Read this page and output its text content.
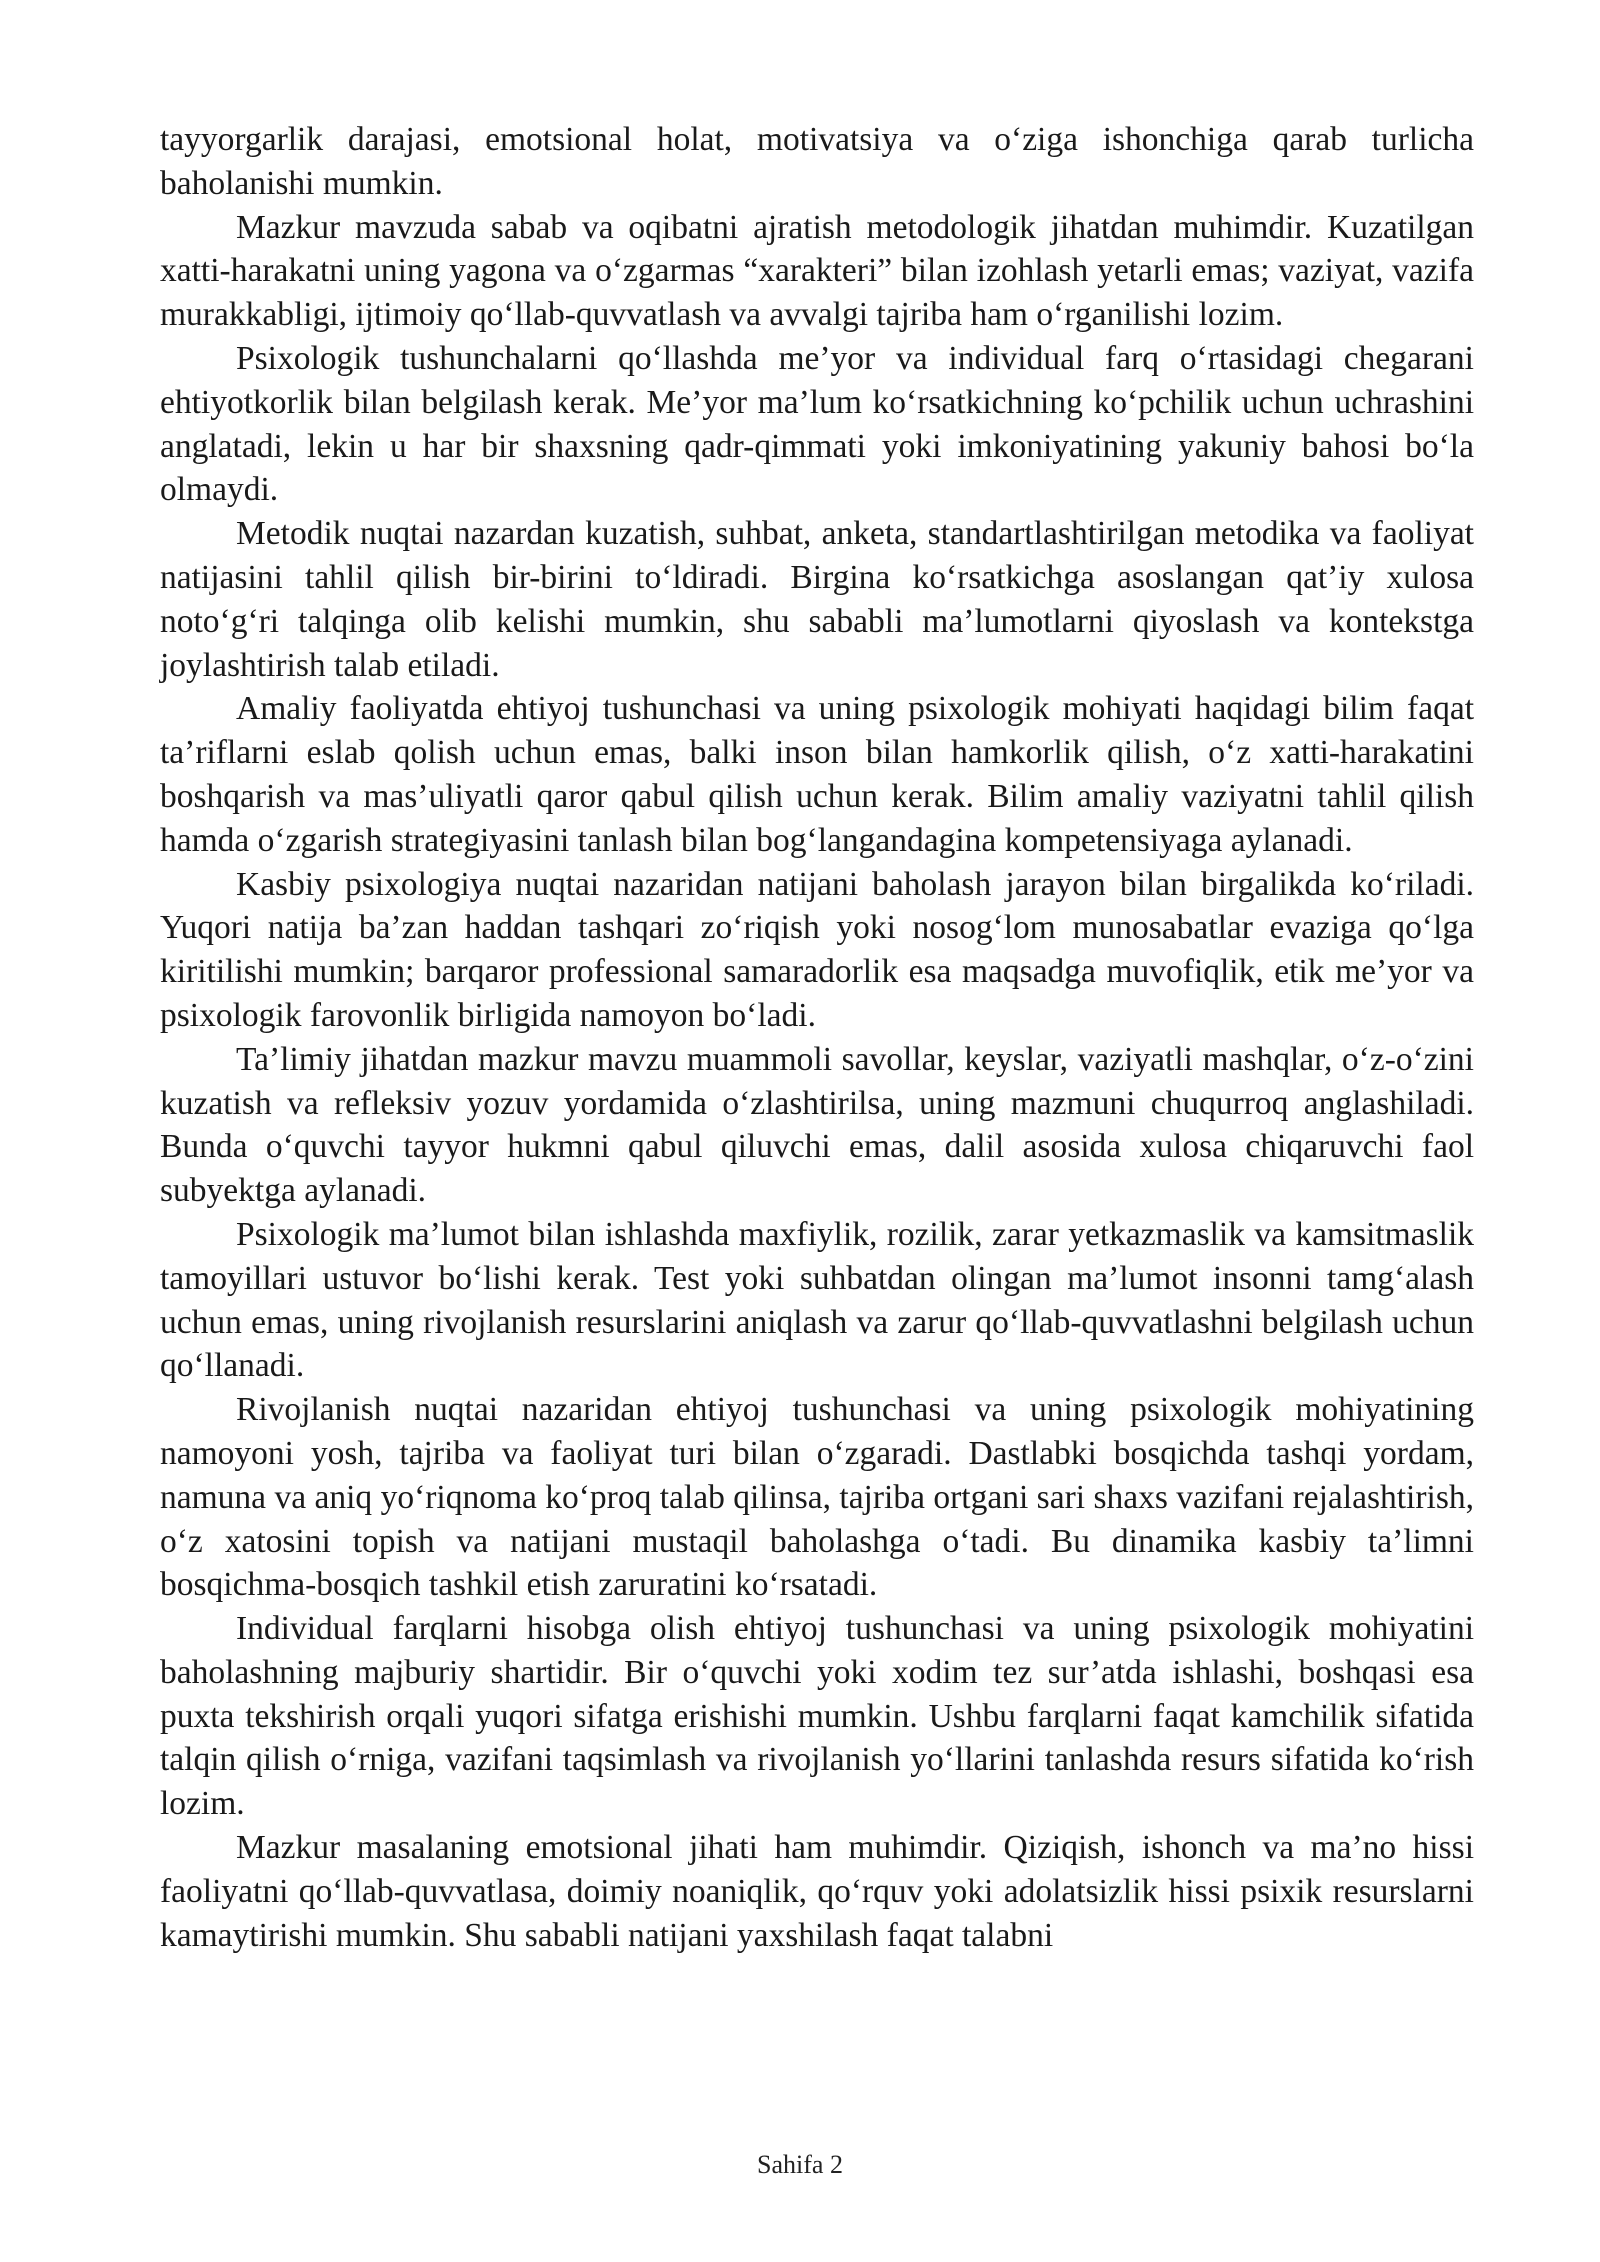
tayyorgarlik darajasi, emotsional holat, motivatsiya va o‘ziga ishonchiga qarab turlicha baholanishi mumkin.

Mazkur mavzuda sabab va oqibatni ajratish metodologik jihatdan muhimdir. Kuzatilgan xatti-harakatni uning yagona va o‘zgarmas “xarakteri” bilan izohlash yetarli emas; vaziyat, vazifa murakkabligi, ijtimoiy qo‘llab-quvvatlash va avvalgi tajriba ham o‘rganilishi lozim.

Psixologik tushunchalarni qo‘llashda me’yor va individual farq o‘rtasidagi chegarani ehtiyotkorlik bilan belgilash kerak. Me’yor ma’lum ko‘rsatkichning ko‘pchilik uchun uchrashini anglatadi, lekin u har bir shaxsning qadr-qimmati yoki imkoniyatining yakuniy bahosi bo‘la olmaydi.

Metodik nuqtai nazardan kuzatish, suhbat, anketa, standartlashtirilgan metodika va faoliyat natijasini tahlil qilish bir-birini to‘ldiradi. Birgina ko‘rsatkichga asoslangan qat’iy xulosa noto‘g‘ri talqinga olib kelishi mumkin, shu sababli ma’lumotlarni qiyoslash va kontekstga joylashtirish talab etiladi.

Amaliy faoliyatda ehtiyoj tushunchasi va uning psixologik mohiyati haqidagi bilim faqat ta’riflarni eslab qolish uchun emas, balki inson bilan hamkorlik qilish, o‘z xatti-harakatini boshqarish va mas’uliyatli qaror qabul qilish uchun kerak. Bilim amaliy vaziyatni tahlil qilish hamda o‘zgarish strategiyasini tanlash bilan bog‘langandagina kompetensiyaga aylanadi.

Kasbiy psixologiya nuqtai nazaridan natijani baholash jarayon bilan birgalikda ko‘riladi. Yuqori natija ba’zan haddan tashqari zo‘riqish yoki nosog‘lom munosabatlar evaziga qo‘lga kiritilishi mumkin; barqaror professional samaradorlik esa maqsadga muvofiqlik, etik me’yor va psixologik farovonlik birligida namoyon bo‘ladi.

Ta’limiy jihatdan mazkur mavzu muammoli savollar, keyslar, vaziyatli mashqlar, o‘z-o‘zini kuzatish va refleksiv yozuv yordamida o‘zlashtirilsa, uning mazmuni chuqurroq anglashiladi. Bunda o‘quvchi tayyor hukmni qabul qiluvchi emas, dalil asosida xulosa chiqaruvchi faol subyektga aylanadi.

Psixologik ma’lumot bilan ishlashda maxfiylik, rozilik, zarar yetkazmaslik va kamsitmaslik tamoyillari ustuvor bo‘lishi kerak. Test yoki suhbatdan olingan ma’lumot insonni tamg‘alash uchun emas, uning rivojlanish resurslarini aniqlash va zarur qo‘llab-quvvatlashni belgilash uchun qo‘llanadi.

Rivojlanish nuqtai nazaridan ehtiyoj tushunchasi va uning psixologik mohiyatining namoyoni yosh, tajriba va faoliyat turi bilan o‘zgaradi. Dastlabki bosqichda tashqi yordam, namuna va aniq yo‘riqnoma ko‘proq talab qilinsa, tajriba ortgani sari shaxs vazifani rejalashtirish, o‘z xatosini topish va natijani mustaqil baholashga o‘tadi. Bu dinamika kasbiy ta’limni bosqichma-bosqich tashkil etish zaruratini ko‘rsatadi.

Individual farqlarni hisobga olish ehtiyoj tushunchasi va uning psixologik mohiyatini baholashning majburiy shartidir. Bir o‘quvchi yoki xodim tez sur’atda ishlashi, boshqasi esa puxta tekshirish orqali yuqori sifatga erishishi mumkin. Ushbu farqlarni faqat kamchilik sifatida talqin qilish o‘rniga, vazifani taqsimlash va rivojlanish yo‘llarini tanlashda resurs sifatida ko‘rish lozim.

Mazkur masalaning emotsional jihati ham muhimdir. Qiziqish, ishonch va ma’no hissi faoliyatni qo‘llab-quvvatlasa, doimiy noaniqlik, qo‘rquv yoki adolatsizlik hissi psixik resurslarni kamaytirishi mumkin. Shu sababli natijani yaxshilash faqat talabni

Sahifa 2
